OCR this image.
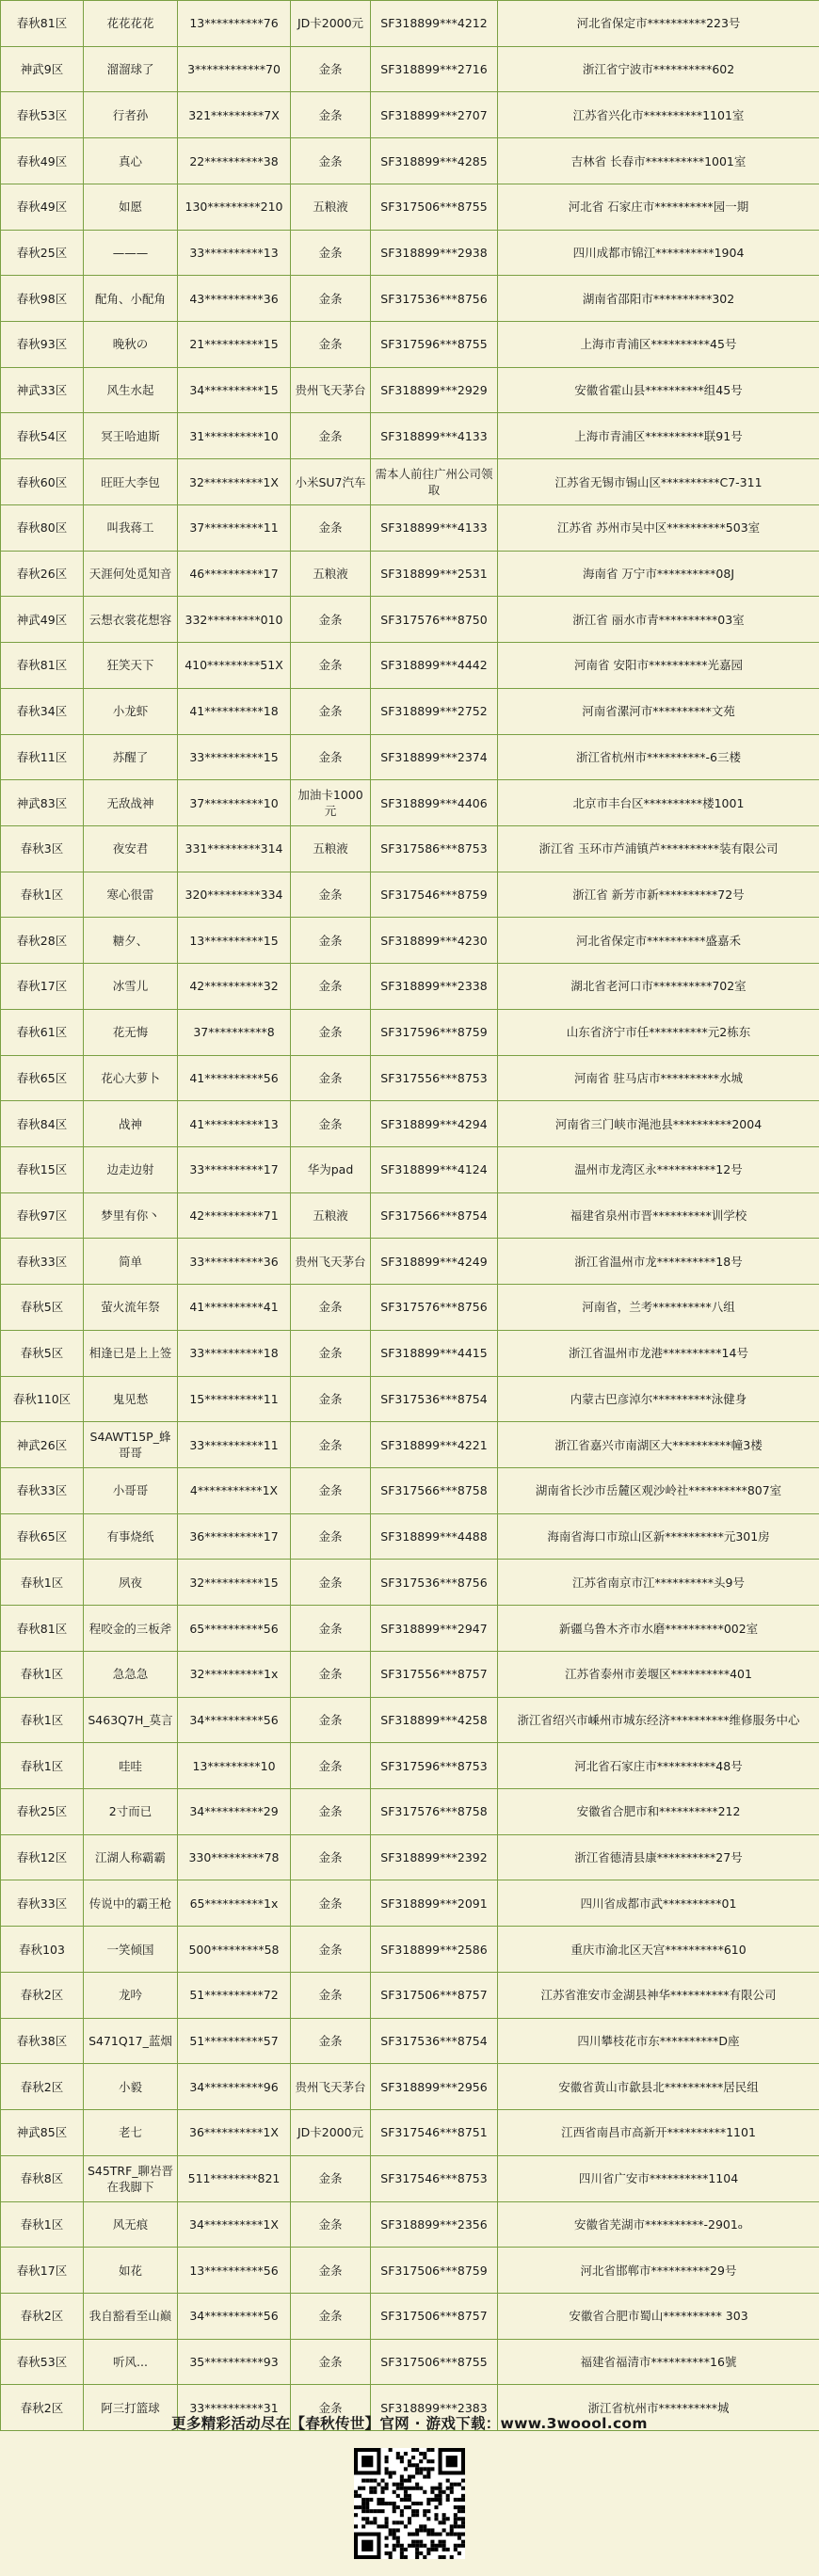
春秋81区	花花花花	13**********76	JD卡2000元	SF318899***4212	河北省保定市**********223号
神武9区	溜溜球了	3************70	金条	SF318899***2716	浙江省宁波市**********602
春秋53区	行者孙	321*********7X	金条	SF318899***2707	江苏省兴化市**********1101室
春秋49区	真心	22**********38	金条	SF318899***4285	吉林省 长春市**********1001室
春秋49区	如愿	130*********210	五粮液	SF317506***8755	河北省 石家庄市**********园一期
春秋25区	———	33**********13	金条	SF318899***2938	四川成都市锦江**********1904
春秋98区	配角、小配角	43**********36	金条	SF317536***8756	湖南省邵阳市**********302
春秋93区	晚秋の	21**********15	金条	SF317596***8755	上海市青浦区**********45号
神武33区	风生水起	34**********15	贵州飞天茅台	SF318899***2929	安徽省霍山县**********组45号
春秋54区	冥王哈迪斯	31**********10	金条	SF318899***4133	上海市青浦区**********联91号
春秋60区	旺旺大李包	32**********1X	小米SU7汽车	需本人前往广州公司领取	江苏省无锡市锡山区**********C7-311
春秋80区	叫我蒋工	37**********11	金条	SF318899***4133	江苏省 苏州市吴中区**********503室
春秋26区	天涯何处觅知音	46**********17	五粮液	SF318899***2531	海南省 万宁市**********08J
神武49区	云想衣裳花想容	332*********010	金条	SF317576***8750	浙江省 丽水市青**********03室
春秋81区	狂笑天下	410*********51X	金条	SF318899***4442	河南省 安阳市**********光嘉园
春秋34区	小龙虾	41**********18	金条	SF318899***2752	河南省漯河市**********文苑
春秋11区	苏醒了	33**********15	金条	SF318899***2374	浙江省杭州市**********-6三楼
神武83区	无敌战神	37**********10	加油卡1000元	SF318899***4406	北京市丰台区**********楼1001
春秋3区	夜安君	331*********314	五粮液	SF317586***8753	浙江省 玉环市芦浦镇芦**********装有限公司
春秋1区	寒心很雷	320*********334	金条	SF317546***8759	浙江省 新芳市新**********72号
春秋28区	糖夕、	13**********15	金条	SF318899***4230	河北省保定市**********盛嘉禾
春秋17区	冰雪儿	42**********32	金条	SF318899***2338	湖北省老河口市**********702室
春秋61区	花无悔	37**********8	金条	SF317596***8759	山东省济宁市任**********元2栋东
春秋65区	花心大萝卜	41**********56	金条	SF317556***8753	河南省 驻马店市**********水城
春秋84区	战神	41**********13	金条	SF318899***4294	河南省三门峡市渑池县**********2004
春秋15区	边走边射	33**********17	华为pad	SF318899***4124	温州市龙湾区永**********12号
春秋97区	梦里有你丶	42**********71	五粮液	SF317566***8754	福建省泉州市晋**********训学校
春秋33区	简单	33**********36	贵州飞天茅台	SF318899***4249	浙江省温州市龙**********18号
春秋5区	萤火流年祭	41**********41	金条	SF317576***8756	河南省，兰考**********八组
春秋5区	相逢已是上上签	33**********18	金条	SF318899***4415	浙江省温州市龙港**********14号
春秋110区	鬼见愁	15**********11	金条	SF317536***8754	内蒙古巴彦淖尔**********泳健身
神武26区	S4AWT15P_蜂哥哥	33**********11	金条	SF318899***4221	浙江省嘉兴市南湖区大**********幢3楼
春秋33区	小哥哥	4***********1X	金条	SF317566***8758	湖南省长沙市岳麓区观沙岭社**********807室
春秋65区	有事烧纸	36**********17	金条	SF318899***4488	海南省海口市琼山区新**********元301房
春秋1区	夙夜	32**********15	金条	SF317536***8756	江苏省南京市江**********头9号
春秋81区	程咬金的三板斧	65**********56	金条	SF318899***2947	新疆乌鲁木齐市水磨**********002室
春秋1区	急急急	32**********1x	金条	SF317556***8757	江苏省泰州市姜堰区**********401
春秋1区	S463Q7H_莫言	34**********56	金条	SF318899***4258	浙江省绍兴市嵊州市城东经济**********维修服务中心
春秋1区	哇哇	13*********10	金条	SF317596***8753	河北省石家庄市**********48号
春秋25区	2寸而已	34**********29	金条	SF317576***8758	安徽省合肥市和**********212
春秋12区	江湖人称霸霸	330*********78	金条	SF318899***2392	浙江省德清县康**********27号
春秋33区	传说中的霸王枪	65**********1x	金条	SF318899***2091	四川省成都市武**********01
春秋103	一笑倾国	500*********58	金条	SF318899***2586	重庆市渝北区天宫**********610
春秋2区	龙吟	51**********72	金条	SF317506***8757	江苏省淮安市金湖县神华**********有限公司
春秋38区	S471Q17_蓝烟	51**********57	金条	SF317536***8754	四川攀枝花市东**********D座
春秋2区	小毅	34**********96	贵州飞天茅台	SF318899***2956	安徽省黄山市歙县北**********居民组
神武85区	老七	36**********1X	JD卡2000元	SF317546***8751	江西省南昌市高新开**********1101
春秋8区	S45TRF_聊岩晋在我脚下	511********821	金条	SF317546***8753	四川省广安市**********1104
春秋1区	风无痕	34**********1X	金条	SF318899***2356	安徽省芜湖市**********-2901ₒ
春秋17区	如花	13**********56	金条	SF317506***8759	河北省邯郸市**********29号
春秋2区	我自豁看至山巅	34**********56	金条	SF317506***8757	安徽省合肥市蜀山********** 303
春秋53区	听风...	35**********93	金条	SF317506***8755	福建省福清市**********16號
春秋2区	阿三打篮球	33**********31	金条	SF318899***2383	浙江省杭州市**********城
更多精彩活动尽在【春秋传世】官网 · 游戏下载：www.3woool.com
